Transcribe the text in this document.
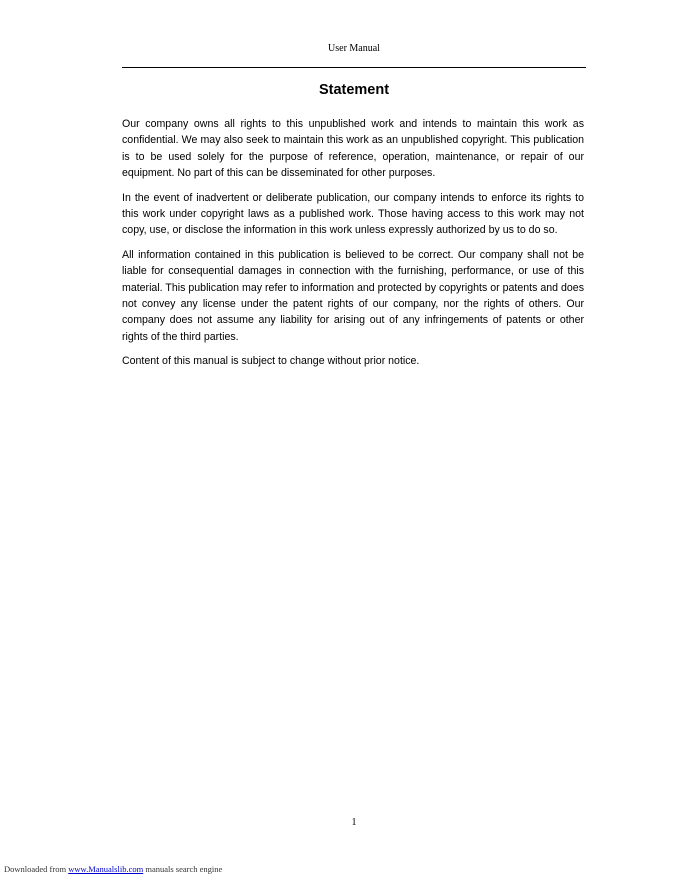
User Manual
Statement

Our company owns all rights to this unpublished work and intends to maintain this work as confidential. We may also seek to maintain this work as an unpublished copyright. This publication is to be used solely for the purpose of reference, operation, maintenance, or repair of our equipment. No part of this can be disseminated for other purposes.

In the event of inadvertent or deliberate publication, our company intends to enforce its rights to this work under copyright laws as a published work. Those having access to this work may not copy, use, or disclose the information in this work unless expressly authorized by us to do so.

All information contained in this publication is believed to be correct. Our company shall not be liable for consequential damages in connection with the furnishing, performance, or use of this material. This publication may refer to information and protected by copyrights or patents and does not convey any license under the patent rights of our company, nor the rights of others. Our company does not assume any liability for arising out of any infringements of patents or other rights of the third parties.

Content of this manual is subject to change without prior notice.

1
Downloaded from www.Manualslib.com manuals search engine
